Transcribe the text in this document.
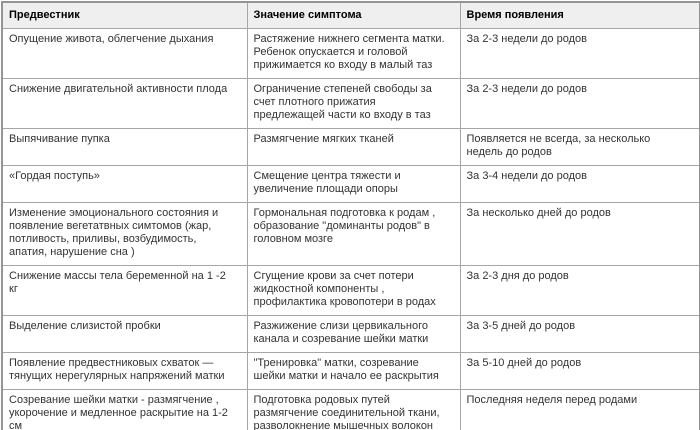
Предвестник	Значение симптома	Время появления
Опущение живота, облегчение дыхания	Растяжение нижнего сегмента матки. Ребенок опускается и головой прижимается ко входу в малый таз	За 2-3 недели до родов
Снижение двигательной активности плода	Ограничение степеней свободы за счет плотного прижатия предлежащей части ко входу в таз	За 2-3 недели до родов
Выпячивание пупка	Размягчение мягких тканей	Появляется не всегда, за несколько недель до родов
«Гордая поступь»	Смещение центра тяжести и увеличение площади опоры	За 3-4 недели до родов
Изменение эмоционального состояния и появление вегетатвных симтомов (жар, потливость, приливы, возбудимость, апатия, нарушение сна )	Гормональная подготовка к родам , образование "доминанты родов" в головном мозге	За несколько дней до родов
Снижение массы тела беременной на 1 -2 кг	Сгущение крови за счет потери жидкостной компоненты , профилактика кровопотери в родах	За 2-3 дня до родов
Выделение слизистой пробки	Разжижение слизи цервикального канала и созревание шейки матки	За 3-5 дней до родов
Появление предвестниковых схваток — тянущих нерегулярных напряжений матки	"Тренировка" матки, созревание шейки матки и начало ее раскрытия	За 5-10 дней до родов
Созревание шейки матки - размягчение , укорочение и медленное раскрытие на 1-2 см	Подготовка родовых путей размягчение соединительной ткани, разволокнение мышечных волокон	Последняя неделя перед родами
